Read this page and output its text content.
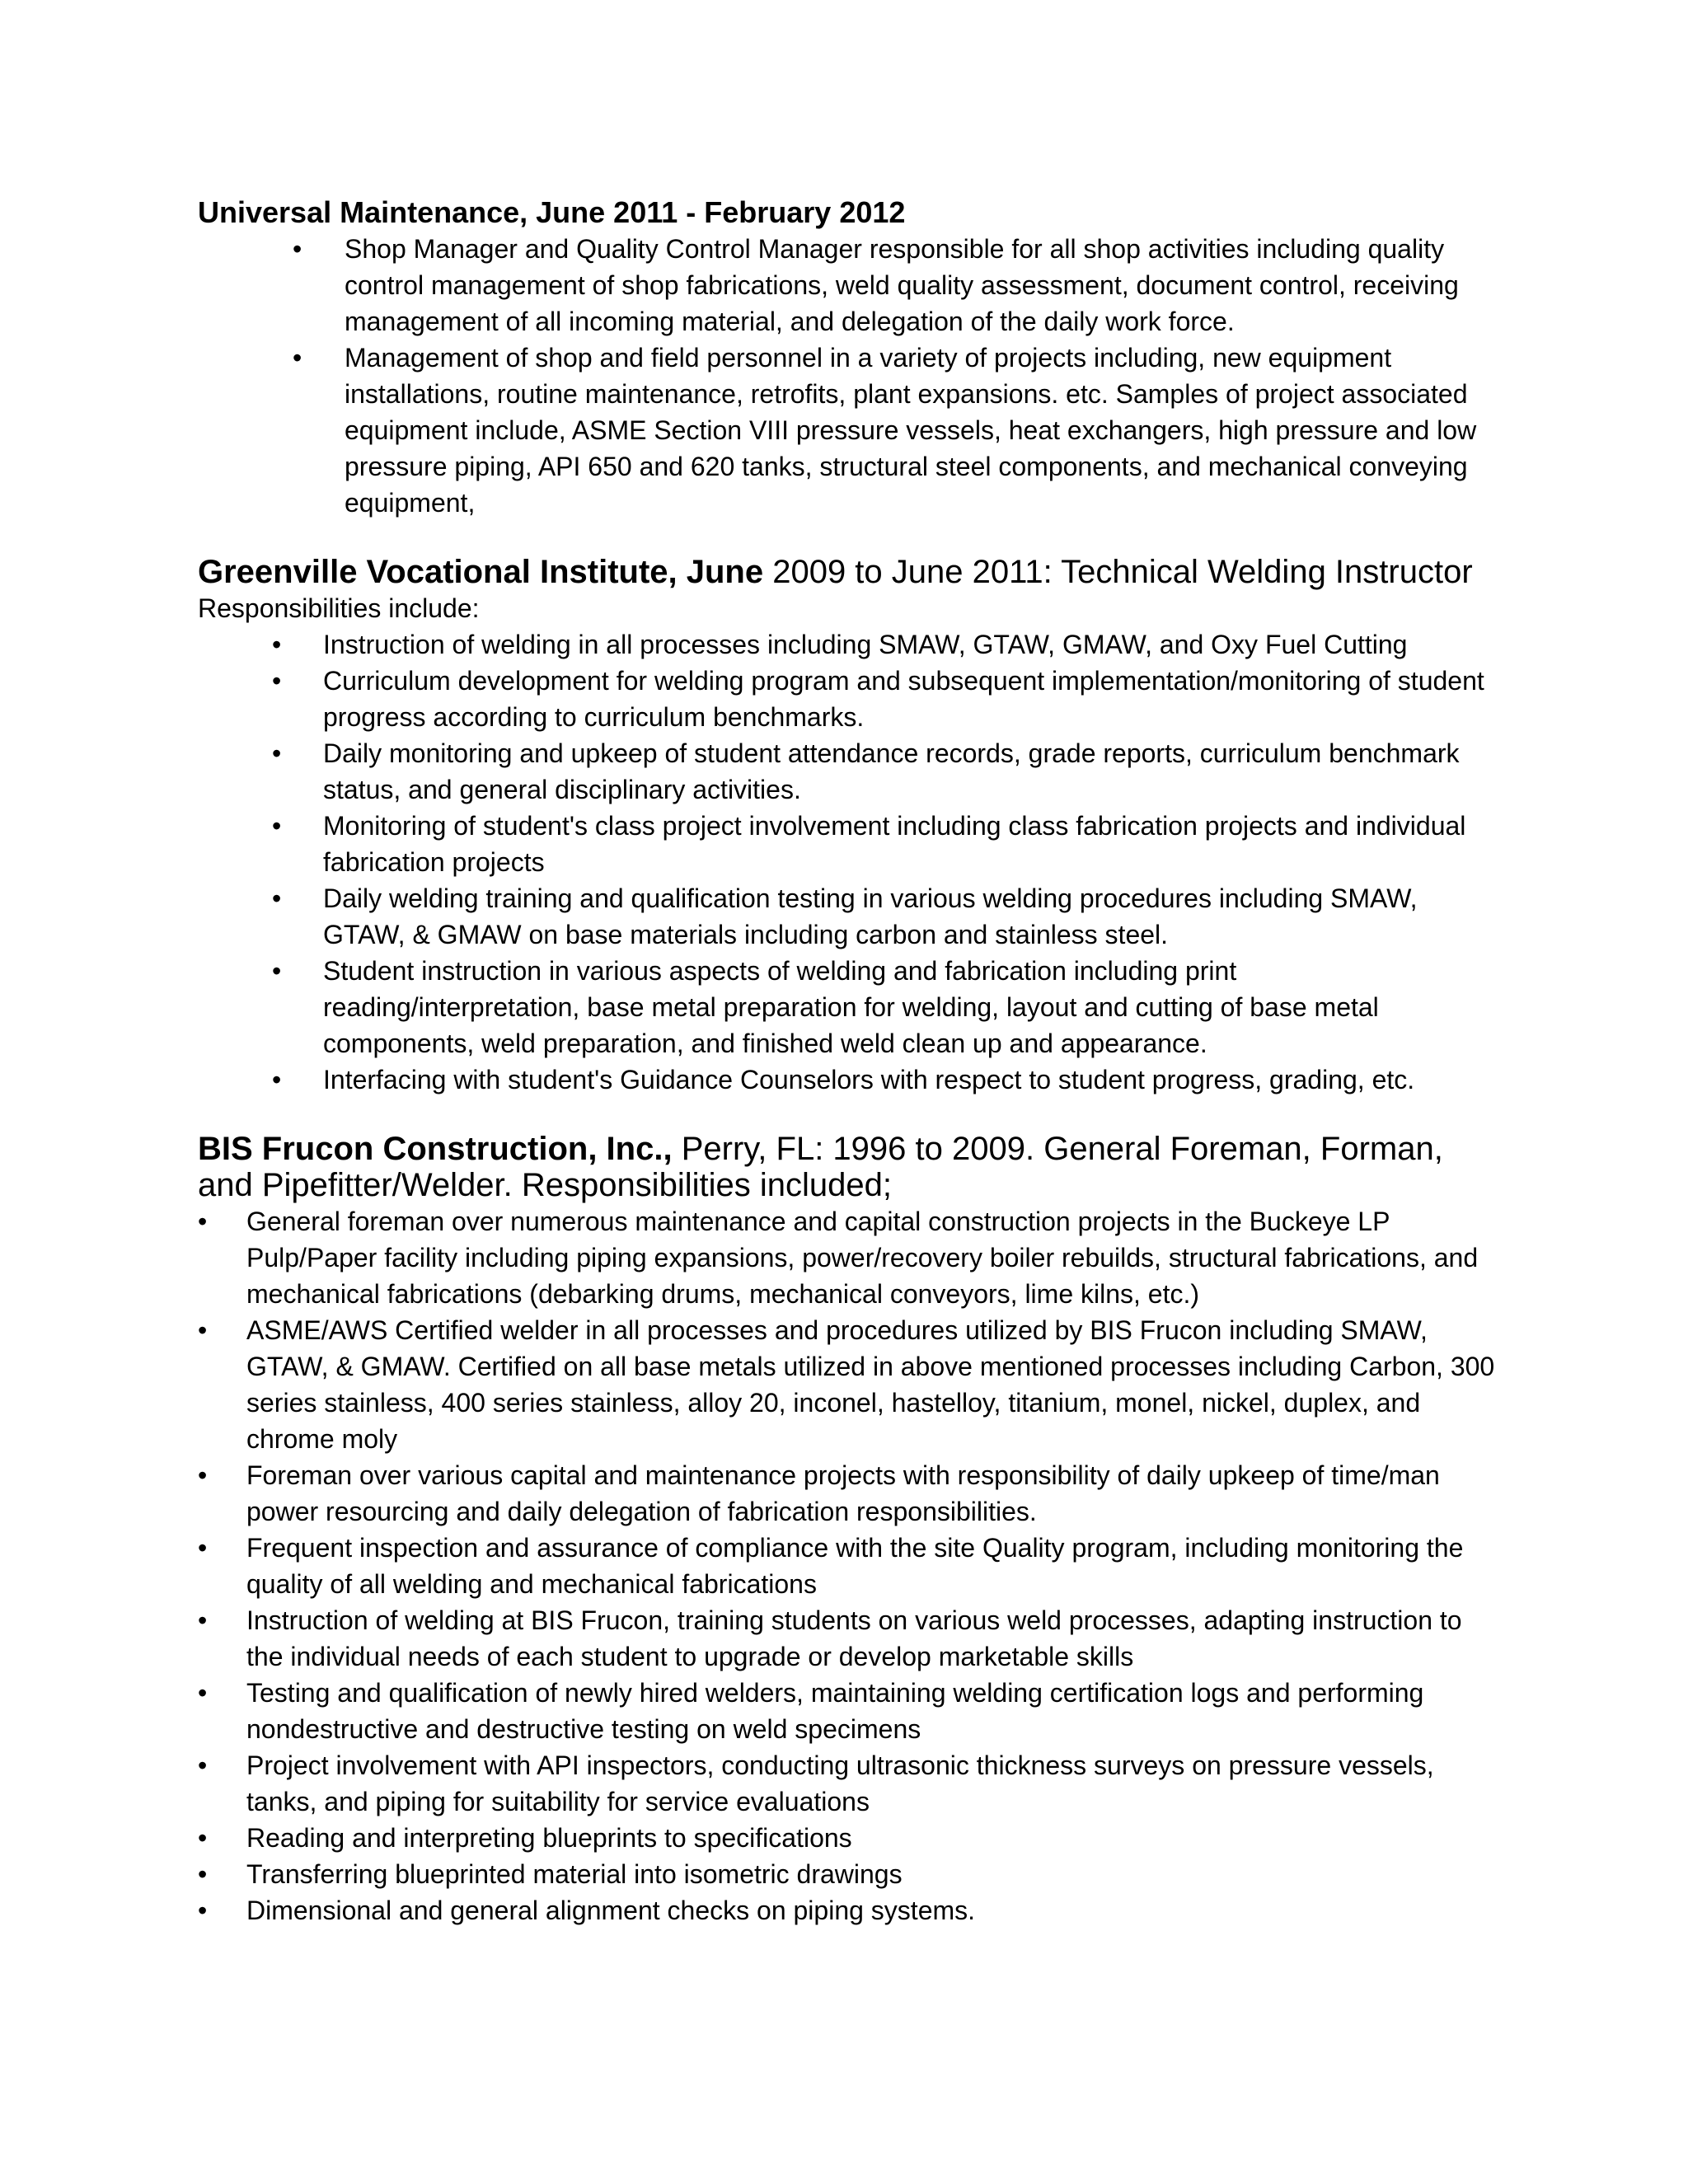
Universal Maintenance, June 2011 - February 2012

• Shop Manager and Quality Control Manager responsible for all shop activities including quality control management of shop fabrications, weld quality assessment, document control, receiving management of all incoming material, and delegation of the daily work force.
• Management of shop and field personnel in a variety of projects including, new equipment installations, routine maintenance, retrofits, plant expansions. etc. Samples of project associated equipment include, ASME Section VIII pressure vessels, heat exchangers, high pressure and low pressure piping, API 650 and 620 tanks, structural steel components, and mechanical conveying equipment,

Greenville Vocational Institute, June 2009 to June 2011: Technical Welding Instructor

Responsibilities include:

• Instruction of welding in all processes including SMAW, GTAW, GMAW, and Oxy Fuel Cutting
• Curriculum development for welding program and subsequent implementation/monitoring of student progress according to curriculum benchmarks.
• Daily monitoring and upkeep of student attendance records, grade reports, curriculum benchmark status, and general disciplinary activities.
• Monitoring of student's class project involvement including class fabrication projects and individual fabrication projects
• Daily welding training and qualification testing in various welding procedures including SMAW, GTAW, & GMAW on base materials including carbon and stainless steel.
• Student instruction in various aspects of welding and fabrication including print reading/interpretation, base metal preparation for welding, layout and cutting of base metal components, weld preparation, and finished weld clean up and appearance.
• Interfacing with student's Guidance Counselors with respect to student progress, grading, etc.

BIS Frucon Construction, Inc., Perry, FL: 1996 to 2009. General Foreman, Forman, and Pipefitter/Welder. Responsibilities included;

• General foreman over numerous maintenance and capital construction projects in the Buckeye LP Pulp/Paper facility including piping expansions, power/recovery boiler rebuilds, structural fabrications, and mechanical fabrications (debarking drums, mechanical conveyors, lime kilns, etc.)
• ASME/AWS Certified welder in all processes and procedures utilized by BIS Frucon including SMAW, GTAW, & GMAW. Certified on all base metals utilized in above mentioned processes including Carbon, 300 series stainless, 400 series stainless, alloy 20, inconel, hastelloy, titanium, monel, nickel, duplex, and chrome moly
• Foreman over various capital and maintenance projects with responsibility of daily upkeep of time/man power resourcing and daily delegation of fabrication responsibilities.
• Frequent inspection and assurance of compliance with the site Quality program, including monitoring the quality of all welding and mechanical fabrications
• Instruction of welding at BIS Frucon, training students on various weld processes, adapting instruction to the individual needs of each student to upgrade or develop marketable skills
• Testing and qualification of newly hired welders, maintaining welding certification logs and performing nondestructive and destructive testing on weld specimens
• Project involvement with API inspectors, conducting ultrasonic thickness surveys on pressure vessels, tanks, and piping for suitability for service evaluations
• Reading and interpreting blueprints to specifications
• Transferring blueprinted material into isometric drawings
• Dimensional and general alignment checks on piping systems.
